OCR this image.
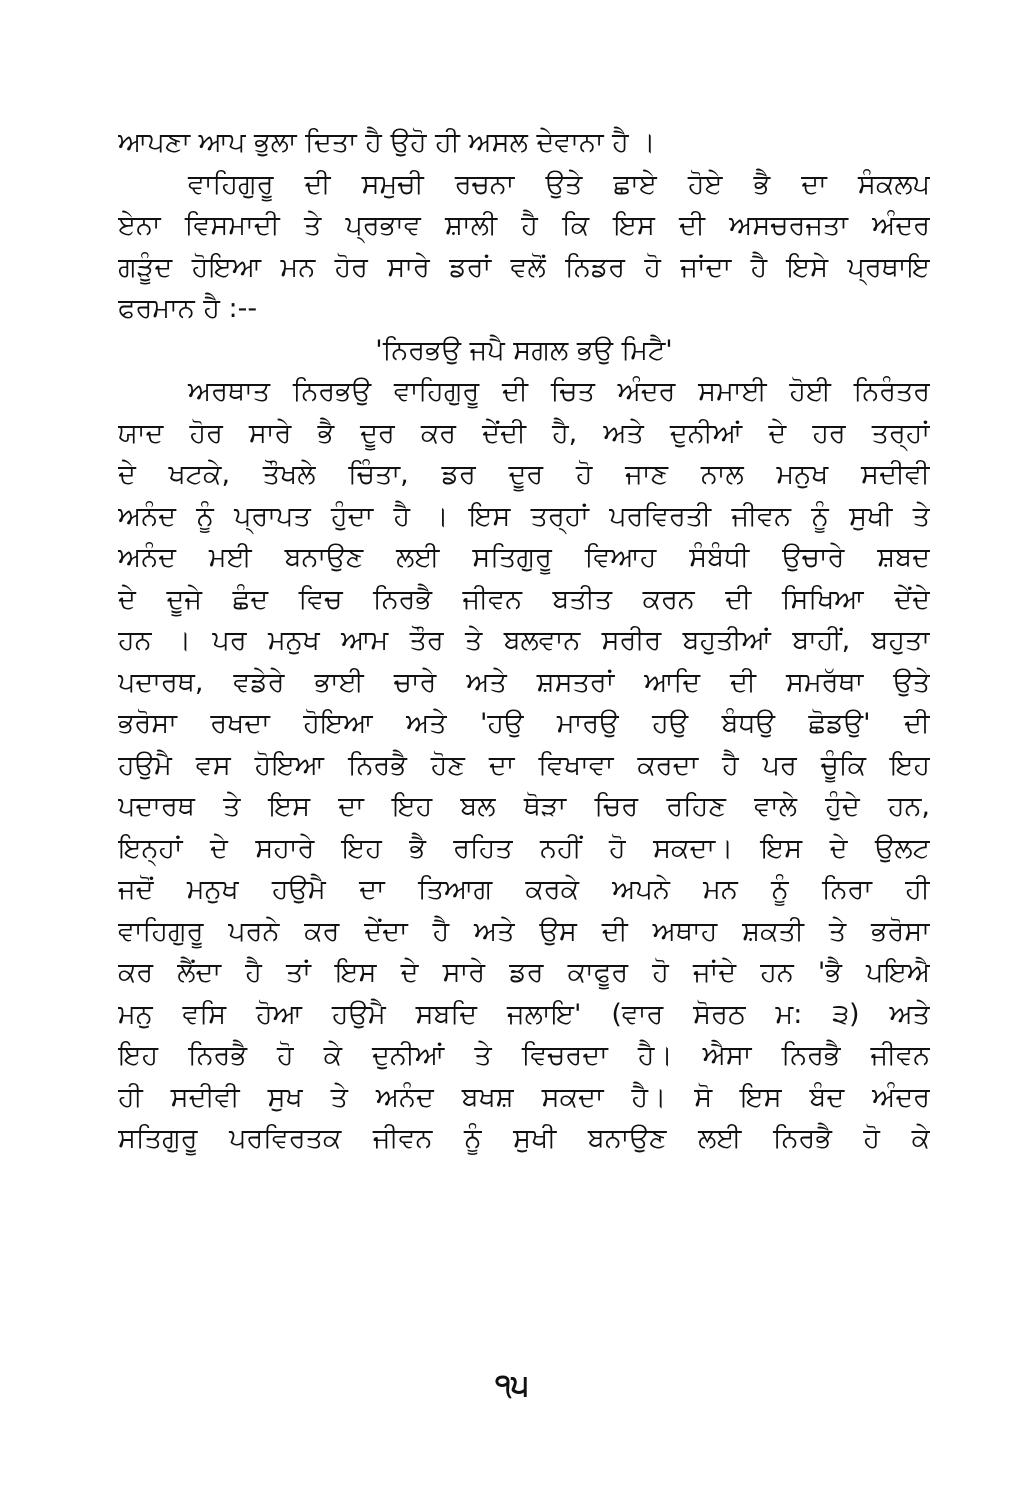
ਆਪਣਾ ਆਪ ਭੁਲਾ ਦਿਤਾ ਹੈ ਉਹੋ ਹੀ ਅਸਲ ਦੇਵਾਨਾ ਹੈ ।
ਵਾਹਿਗੁਰੂ ਦੀ ਸਮੁਚੀ ਰਚਨਾ ਉਤੇ ਛਾਏ ਹੋਏ ਭੈ ਦਾ ਸੰਕਲਪ
ਏਨਾ ਵਿਸਮਾਦੀ ਤੇ ਪ੍ਰਭਾਵ ਸ਼ਾਲੀ ਹੈ ਕਿ ਇਸ ਦੀ ਅਸਚਰਜਤਾ ਅੰਦਰ
ਗੜੂੰਦ ਹੋਇਆ ਮਨ ਹੋਰ ਸਾਰੇ ਡਰਾਂ ਵਲੋਂ ਨਿਡਰ ਹੋ ਜਾਂਦਾ ਹੈ ਇਸੇ ਪ੍ਰਥਾਇ
ਫਰਮਾਨ ਹੈ :--
'ਨਿਰਭਉ ਜਪੈ ਸਗਲ ਭਉ ਮਿਟੈ'
ਅਰਥਾਤ ਨਿਰਭਉ ਵਾਹਿਗੁਰੂ ਦੀ ਚਿਤ ਅੰਦਰ ਸਮਾਈ ਹੋਈ ਨਿਰੰਤਰ
ਯਾਦ ਹੋਰ ਸਾਰੇ ਭੈ ਦੂਰ ਕਰ ਦੇਂਦੀ ਹੈ, ਅਤੇ ਦੁਨੀਆਂ ਦੇ ਹਰ ਤਰ੍ਹਾਂ
ਦੇ ਖਟਕੇ, ਤੌਖਲੇ ਚਿੰਤਾ, ਡਰ ਦੂਰ ਹੋ ਜਾਣ ਨਾਲ ਮਨੁਖ ਸਦੀਵੀ
ਅਨੰਦ ਨੂੰ ਪ੍ਰਾਪਤ ਹੁੰਦਾ ਹੈ । ਇਸ ਤਰ੍ਹਾਂ ਪਰਵਿਰਤੀ ਜੀਵਨ ਨੂੰ ਸੁਖੀ ਤੇ
ਅਨੰਦ ਮਈ ਬਨਾਉਣ ਲਈ ਸਤਿਗੁਰੂ ਵਿਆਹ ਸੰਬੰਧੀ ਉਚਾਰੇ ਸ਼ਬਦ
ਦੇ ਦੂਜੇ ਛੰਦ ਵਿਚ ਨਿਰਭੈ ਜੀਵਨ ਬਤੀਤ ਕਰਨ ਦੀ ਸਿਖਿਆ ਦੇਂਦੇ
ਹਨ । ਪਰ ਮਨੁਖ ਆਮ ਤੌਰ ਤੇ ਬਲਵਾਨ ਸਰੀਰ ਬਹੁਤੀਆਂ ਬਾਹੀਂ, ਬਹੁਤਾ
ਪਦਾਰਥ, ਵਡੇਰੇ ਭਾਈ ਚਾਰੇ ਅਤੇ ਸ਼ਸਤਰਾਂ ਆਦਿ ਦੀ ਸਮਰੱਥਾ ਉਤੇ
ਭਰੋਸਾ ਰਖਦਾ ਹੋਇਆ ਅਤੇ 'ਹਉ ਮਾਰਉ ਹਉ ਬੰਧਉ ਛੋਡਉ' ਦੀ
ਹਉਮੈ ਵਸ ਹੋਇਆ ਨਿਰਭੈ ਹੋਣ ਦਾ ਵਿਖਾਵਾ ਕਰਦਾ ਹੈ ਪਰ ਚੂੰਕਿ ਇਹ
ਪਦਾਰਥ ਤੇ ਇਸ ਦਾ ਇਹ ਬਲ ਥੋੜਾ ਚਿਰ ਰਹਿਣ ਵਾਲੇ ਹੁੰਦੇ ਹਨ,
ਇਨ੍ਹਾਂ ਦੇ ਸਹਾਰੇ ਇਹ ਭੈ ਰਹਿਤ ਨਹੀਂ ਹੋ ਸਕਦਾ। ਇਸ ਦੇ ਉਲਟ
ਜਦੋਂ ਮਨੁਖ ਹਉਮੈ ਦਾ ਤਿਆਗ ਕਰਕੇ ਅਪਨੇ ਮਨ ਨੂੰ ਨਿਰਾ ਹੀ
ਵਾਹਿਗੁਰੂ ਪਰਨੇ ਕਰ ਦੇਂਦਾ ਹੈ ਅਤੇ ਉਸ ਦੀ ਅਥਾਹ ਸ਼ਕਤੀ ਤੇ ਭਰੋਸਾ
ਕਰ ਲੈਂਦਾ ਹੈ ਤਾਂ ਇਸ ਦੇ ਸਾਰੇ ਡਰ ਕਾਫੂਰ ਹੋ ਜਾਂਦੇ ਹਨ 'ਭੈ ਪਇਐ
ਮਨੁ ਵਸਿ ਹੋਆ ਹਉਮੈ ਸਬਦਿ ਜਲਾਇ' (ਵਾਰ ਸੋਰਠ ਮ: ੩) ਅਤੇ
ਇਹ ਨਿਰਭੈ ਹੋ ਕੇ ਦੁਨੀਆਂ ਤੇ ਵਿਚਰਦਾ ਹੈ। ਐਸਾ ਨਿਰਭੈ ਜੀਵਨ
ਹੀ ਸਦੀਵੀ ਸੁਖ ਤੇ ਅਨੰਦ ਬਖਸ਼ ਸਕਦਾ ਹੈ। ਸੋ ਇਸ ਬੰਦ ਅੰਦਰ
ਸਤਿਗੁਰੂ ਪਰਵਿਰਤਕ ਜੀਵਨ ਨੂੰ ਸੁਖੀ ਬਨਾਉਣ ਲਈ ਨਿਰਭੈ ਹੋ ਕੇ
੧੫
